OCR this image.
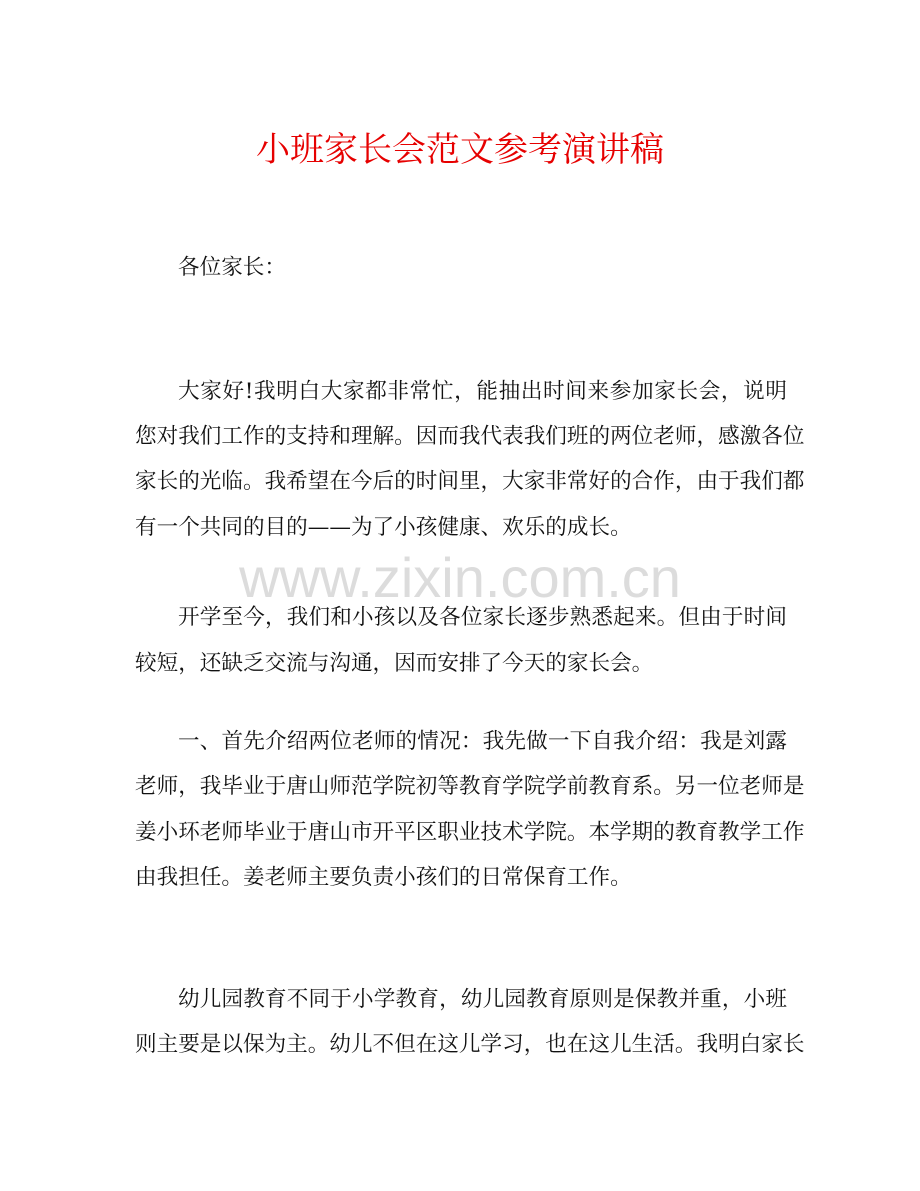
小班家长会范文参考演讲稿
www.zixin.com.cn
各位家长：
大家好!我明白大家都非常忙，能抽出时间来参加家长会，说明
您对我们工作的支持和理解。因而我代表我们班的两位老师，感激各位
家长的光临。我希望在今后的时间里，大家非常好的合作，由于我们都
有一个共同的目的——为了小孩健康、欢乐的成长。
开学至今，我们和小孩以及各位家长逐步熟悉起来。但由于时间
较短，还缺乏交流与沟通，因而安排了今天的家长会。
一、首先介绍两位老师的情况：我先做一下自我介绍：我是刘露
老师，我毕业于唐山师范学院初等教育学院学前教育系。另一位老师是
姜小环老师毕业于唐山市开平区职业技术学院。本学期的教育教学工作
由我担任。姜老师主要负责小孩们的日常保育工作。
幼儿园教育不同于小学教育，幼儿园教育原则是保教并重，小班
则主要是以保为主。幼儿不但在这儿学习，也在这儿生活。我明白家长
